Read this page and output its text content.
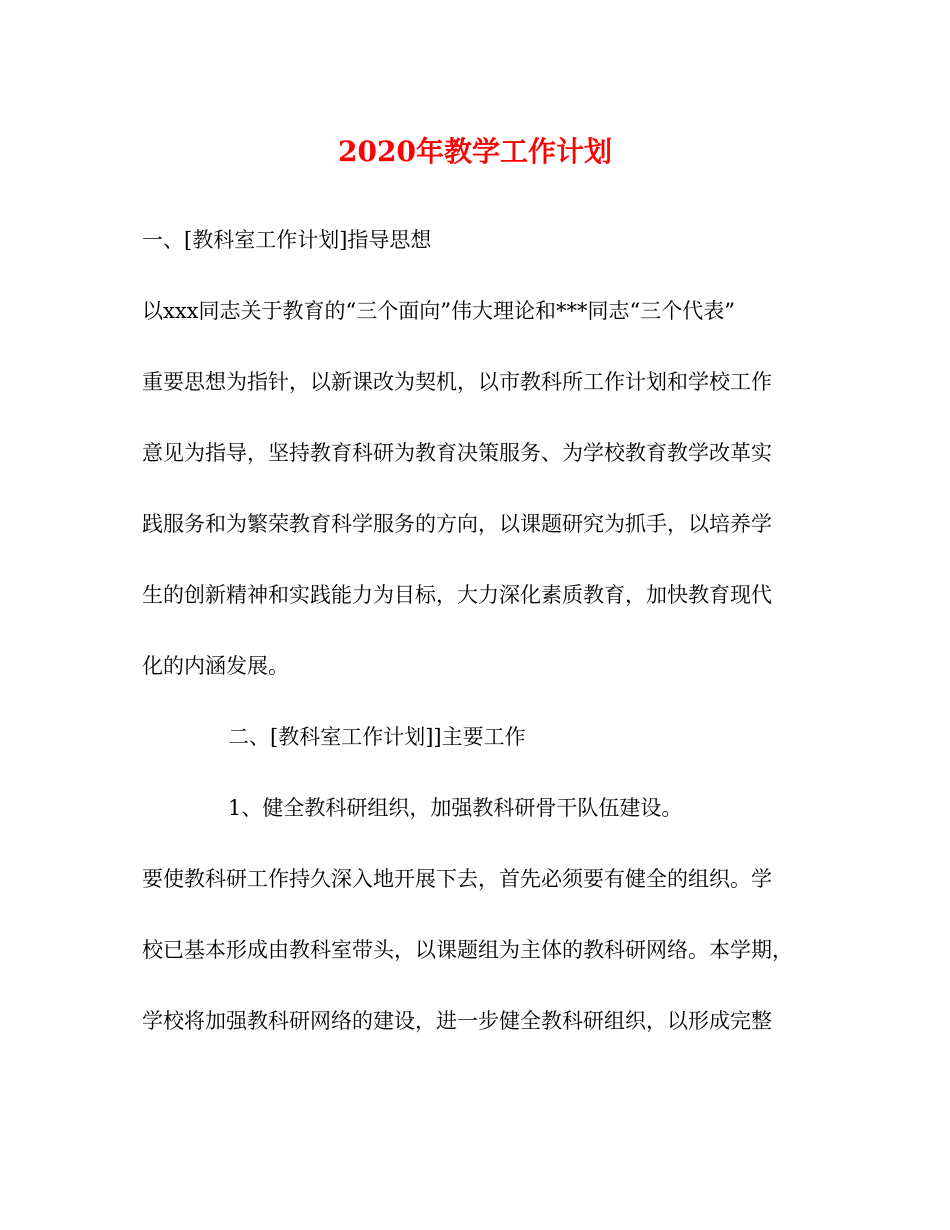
2020年教学工作计划
一、[教科室工作计划]指导思想
以xxx同志关于教育的“三个面向”伟大理论和***同志“三个代表”
重要思想为指针，以新课改为契机，以市教科所工作计划和学校工作
意见为指导，坚持教育科研为教育决策服务、为学校教育教学改革实
践服务和为繁荣教育科学服务的方向，以课题研究为抓手，以培养学
生的创新精神和实践能力为目标，大力深化素质教育，加快教育现代
化的内涵发展。
二、[教科室工作计划]]主要工作
1、健全教科研组织，加强教科研骨干队伍建设。
要使教科研工作持久深入地开展下去，首先必须要有健全的组织。学
校已基本形成由教科室带头，以课题组为主体的教科研网络。本学期，
学校将加强教科研网络的建设，进一步健全教科研组织，以形成完整
